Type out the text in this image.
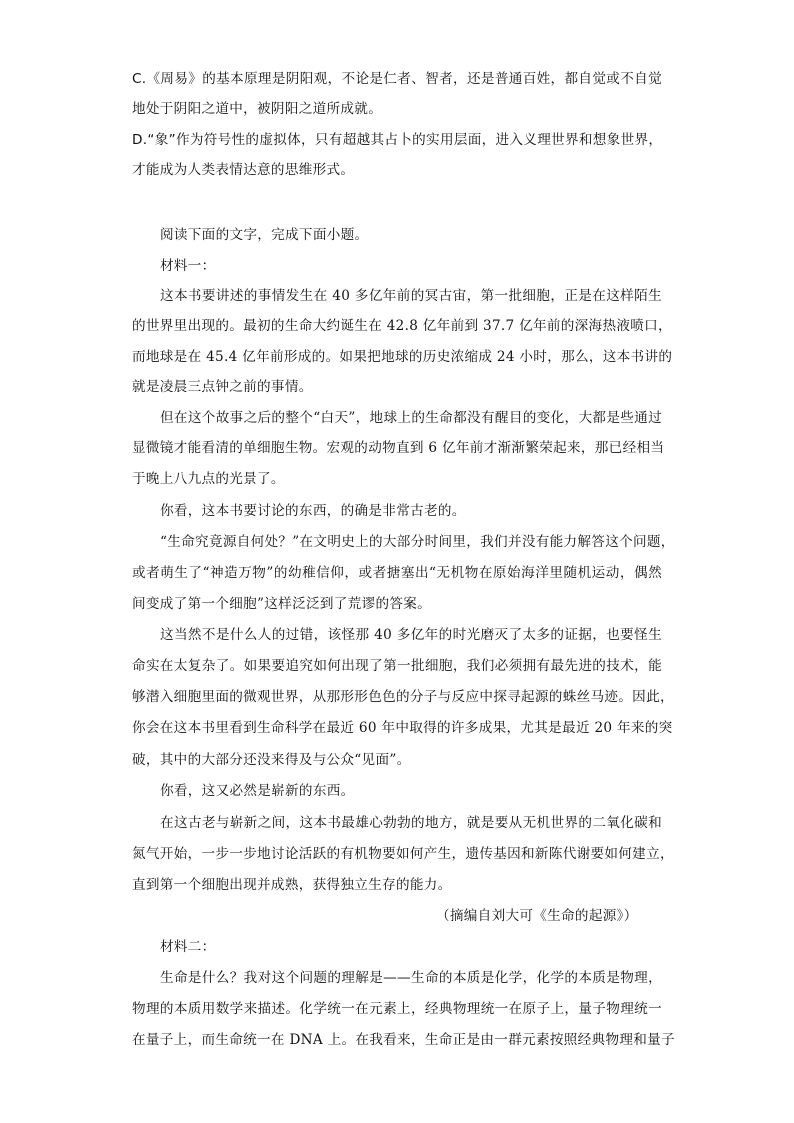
C.《周易》的基本原理是阴阳观，不论是仁者、智者，还是普通百姓，都自觉或不自觉
地处于阴阳之道中，被阴阳之道所成就。
D.“象”作为符号性的虚拟体，只有超越其占卜的实用层面，进入义理世界和想象世界，
才能成为人类表情达意的思维形式。
阅读下面的文字，完成下面小题。
材料一：
这本书要讲述的事情发生在 40 多亿年前的冥古宙，第一批细胞，正是在这样陌生
的世界里出现的。最初的生命大约诞生在 42.8 亿年前到 37.7 亿年前的深海热液喷口，
而地球是在 45.4 亿年前形成的。如果把地球的历史浓缩成 24 小时，那么，这本书讲的
就是凌晨三点钟之前的事情。
但在这个故事之后的整个“白天”，地球上的生命都没有醒目的变化，大都是些通过
显微镜才能看清的单细胞生物。宏观的动物直到 6 亿年前才渐渐繁荣起来，那已经相当
于晚上八九点的光景了。
你看，这本书要讨论的东西，的确是非常古老的。
“生命究竟源自何处？”在文明史上的大部分时间里，我们并没有能力解答这个问题，
或者萌生了“神造万物”的幼稚信仰，或者搪塞出“无机物在原始海洋里随机运动，偶然
间变成了第一个细胞”这样泛泛到了荒谬的答案。
这当然不是什么人的过错，该怪那 40 多亿年的时光磨灭了太多的证据，也要怪生
命实在太复杂了。如果要追究如何出现了第一批细胞，我们必须拥有最先进的技术，能
够潜入细胞里面的微观世界，从那形形色色的分子与反应中探寻起源的蛛丝马迹。因此，
你会在这本书里看到生命科学在最近 60 年中取得的许多成果，尤其是最近 20 年来的突
破，其中的大部分还没来得及与公众“见面”。
你看，这又必然是崭新的东西。
在这古老与崭新之间，这本书最雄心勃勃的地方，就是要从无机世界的二氧化碳和
氮气开始，一步一步地讨论活跃的有机物要如何产生，遗传基因和新陈代谢要如何建立，
直到第一个细胞出现并成熟，获得独立生存的能力。
（摘编自刘大可《生命的起源》）
材料二：
生命是什么？我对这个问题的理解是——生命的本质是化学，化学的本质是物理，
物理的本质用数学来描述。化学统一在元素上，经典物理统一在原子上，量子物理统一
在量子上，而生命统一在 DNA 上。在我看来，生命正是由一群元素按照经典物理和量子
